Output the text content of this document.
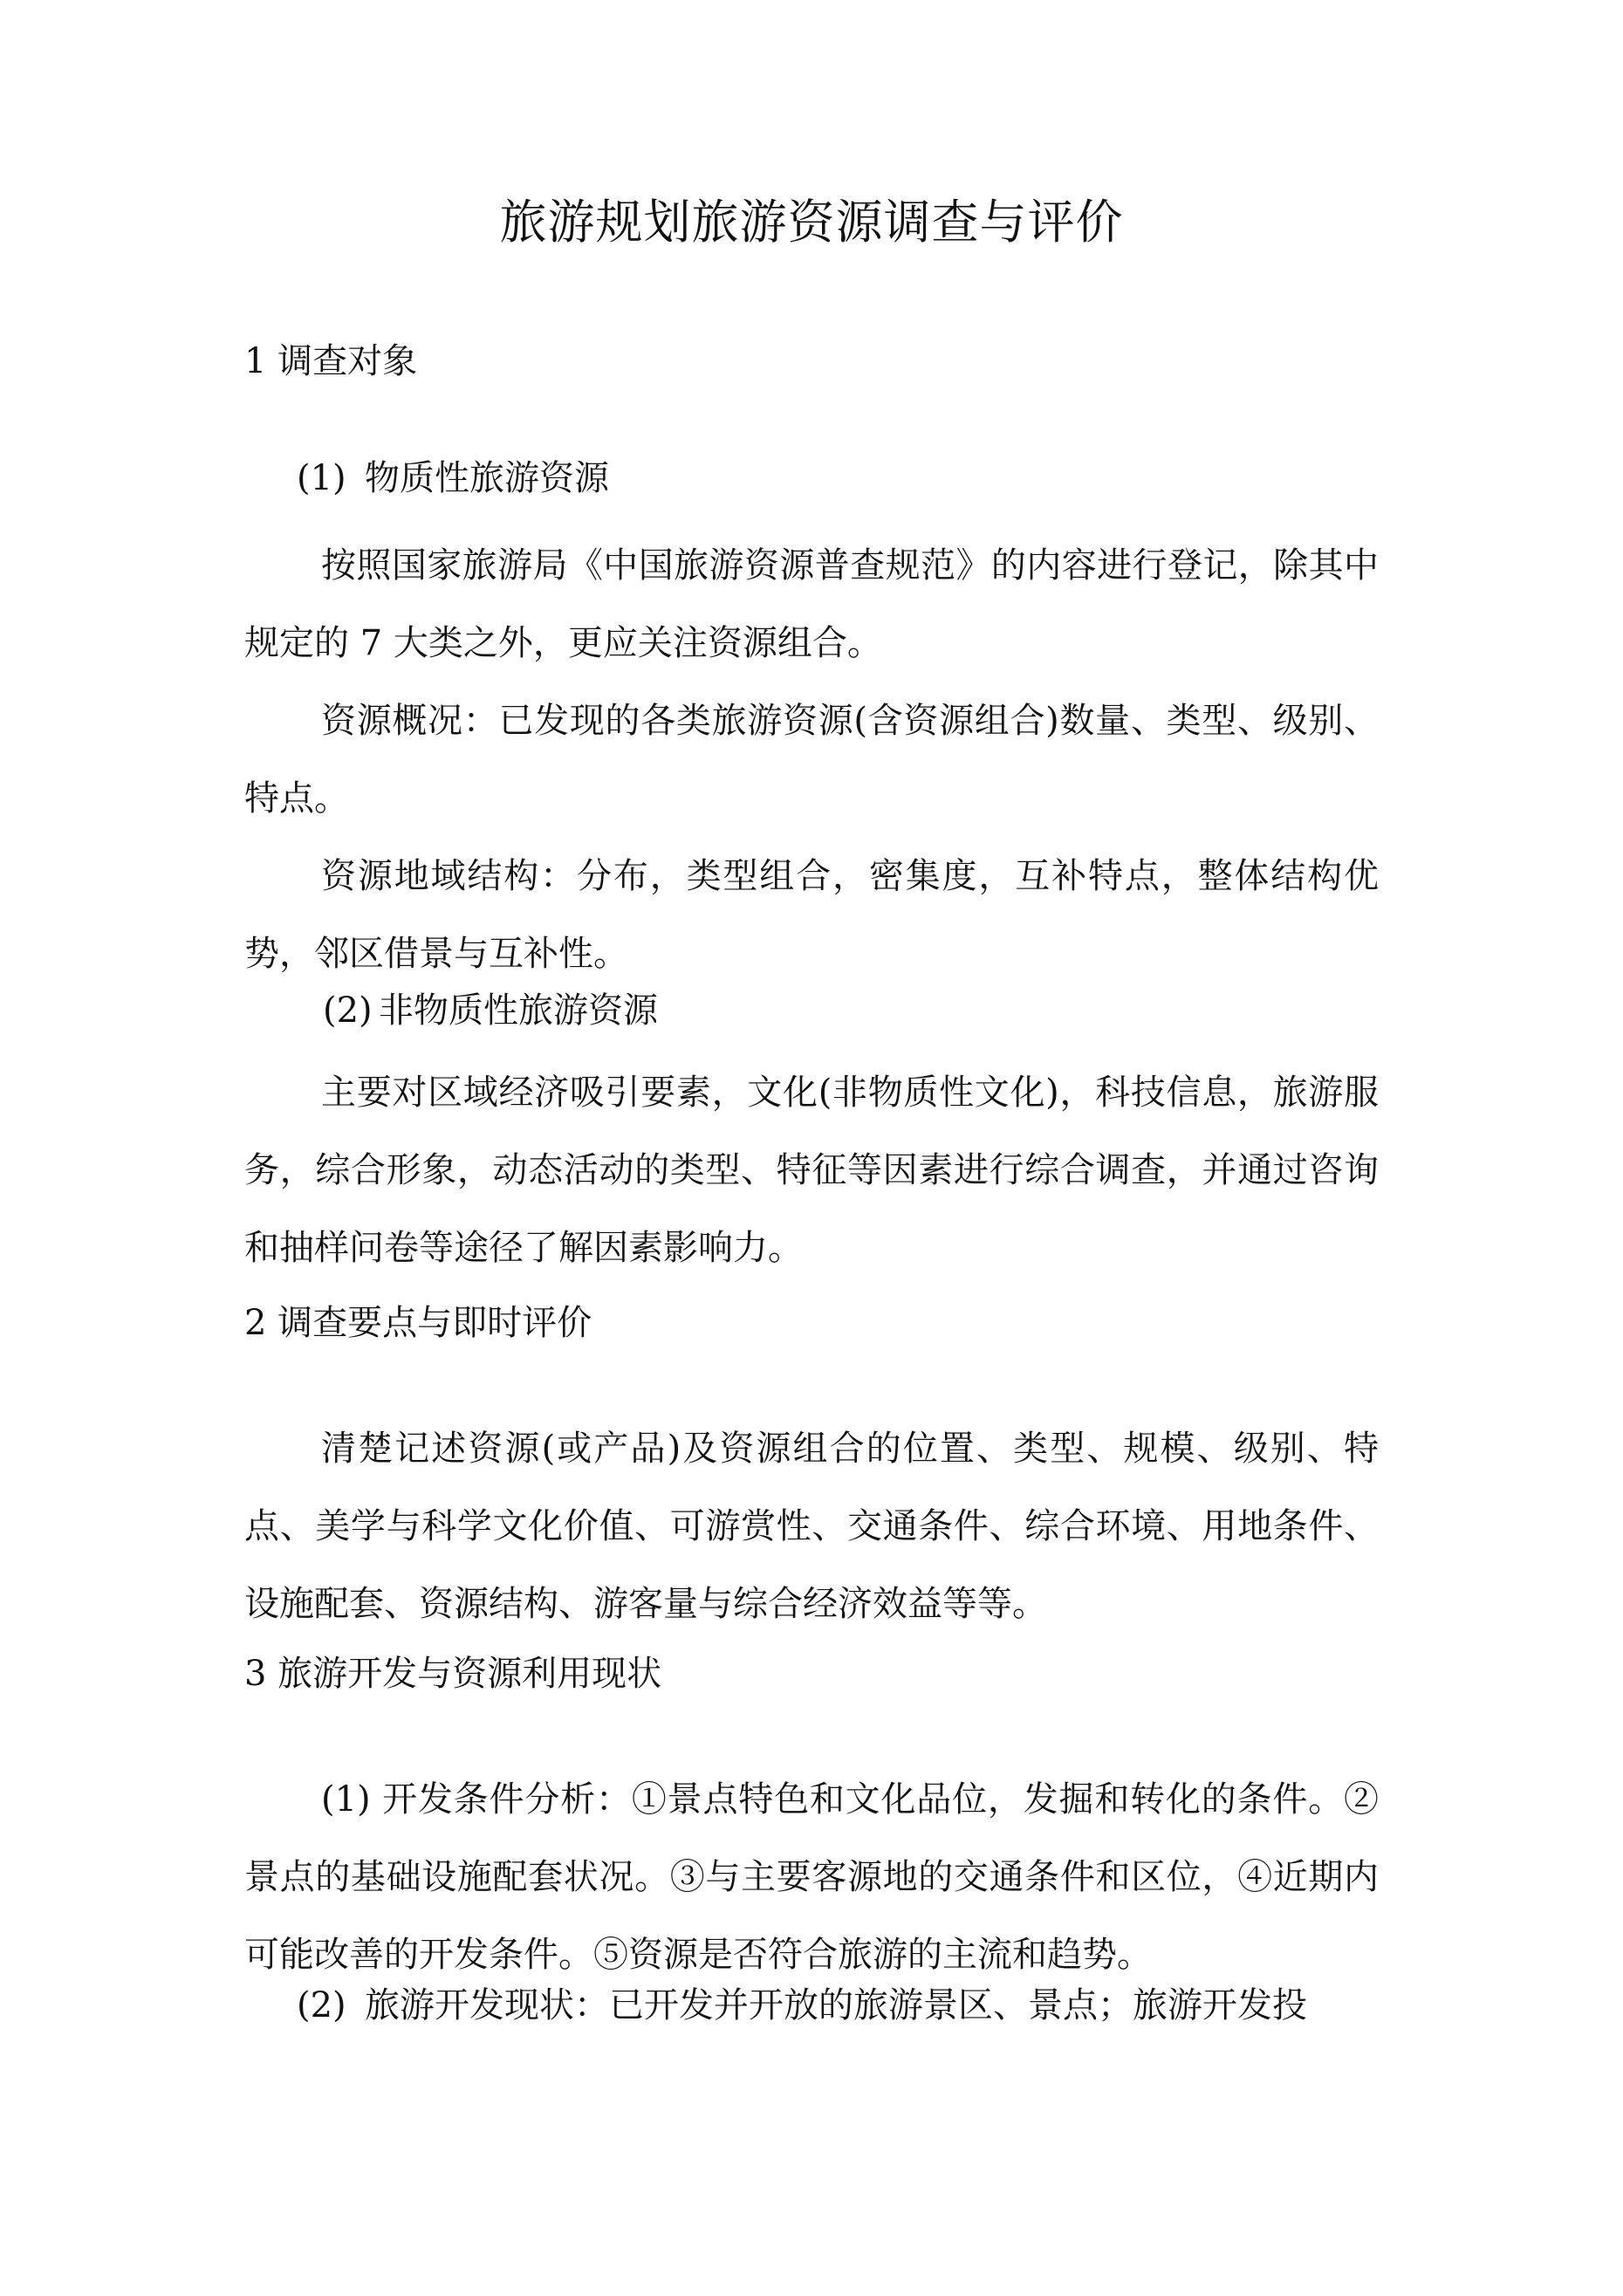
旅游规划旅游资源调查与评价
1 调查对象
(1) 物质性旅游资源
按照国家旅游局《中国旅游资源普查规范》的内容进行登记，除其中规定的 7 大类之外，更应关注资源组合。
资源概况：已发现的各类旅游资源(含资源组合)数量、类型、级别、特点。
资源地域结构：分布，类型组合，密集度，互补特点，整体结构优势，邻区借景与互补性。
(2) 非物质性旅游资源
主要对区域经济吸引要素，文化(非物质性文化)，科技信息，旅游服务，综合形象，动态活动的类型、特征等因素进行综合调查，并通过咨询和抽样问卷等途径了解因素影响力。
2 调查要点与即时评价
清楚记述资源(或产品)及资源组合的位置、类型、规模、级别、特点、美学与科学文化价值、可游赏性、交通条件、综合环境、用地条件、设施配套、资源结构、游客量与综合经济效益等等。
3 旅游开发与资源利用现状
(1) 开发条件分析：①景点特色和文化品位，发掘和转化的条件。②景点的基础设施配套状况。③与主要客源地的交通条件和区位，④近期内可能改善的开发条件。⑤资源是否符合旅游的主流和趋势。
(2) 旅游开发现状：已开发并开放的旅游景区、景点；旅游开发投
